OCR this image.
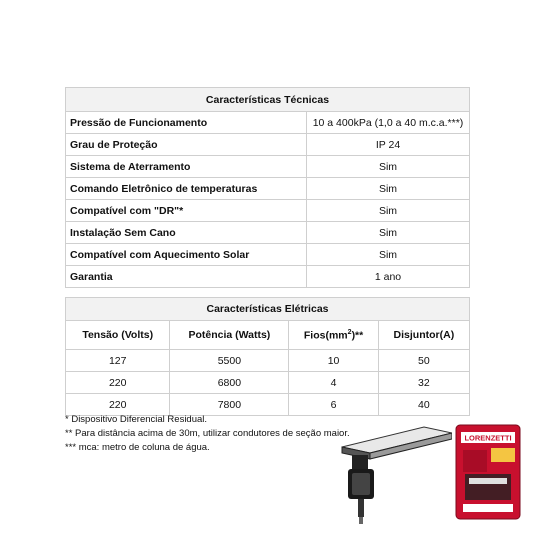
Características Técnicas	
Pressão de Funcionamento	10 a 400kPa (1,0 a 40 m.c.a.***)
Grau de Proteção	IP 24
Sistema de Aterramento	Sim
Comando Eletrônico de temperaturas	Sim
Compatível com "DR"*	Sim
Instalação Sem Cano	Sim
Compatível com Aquecimento Solar	Sim
Garantia	1 ano
Características Elétricas			
Tensão (Volts)	Potência (Watts)	$Fios(mm^2)**$	Disjuntor(A)
127	5500	10	50
220	6800	4	32
220	7800	6	40
* Dispositivo Diferencial Residual.
** Para distância acima de 30m, utilizar condutores de seção maior.
*** mca: metro de coluna de água.
LORENZETTI
